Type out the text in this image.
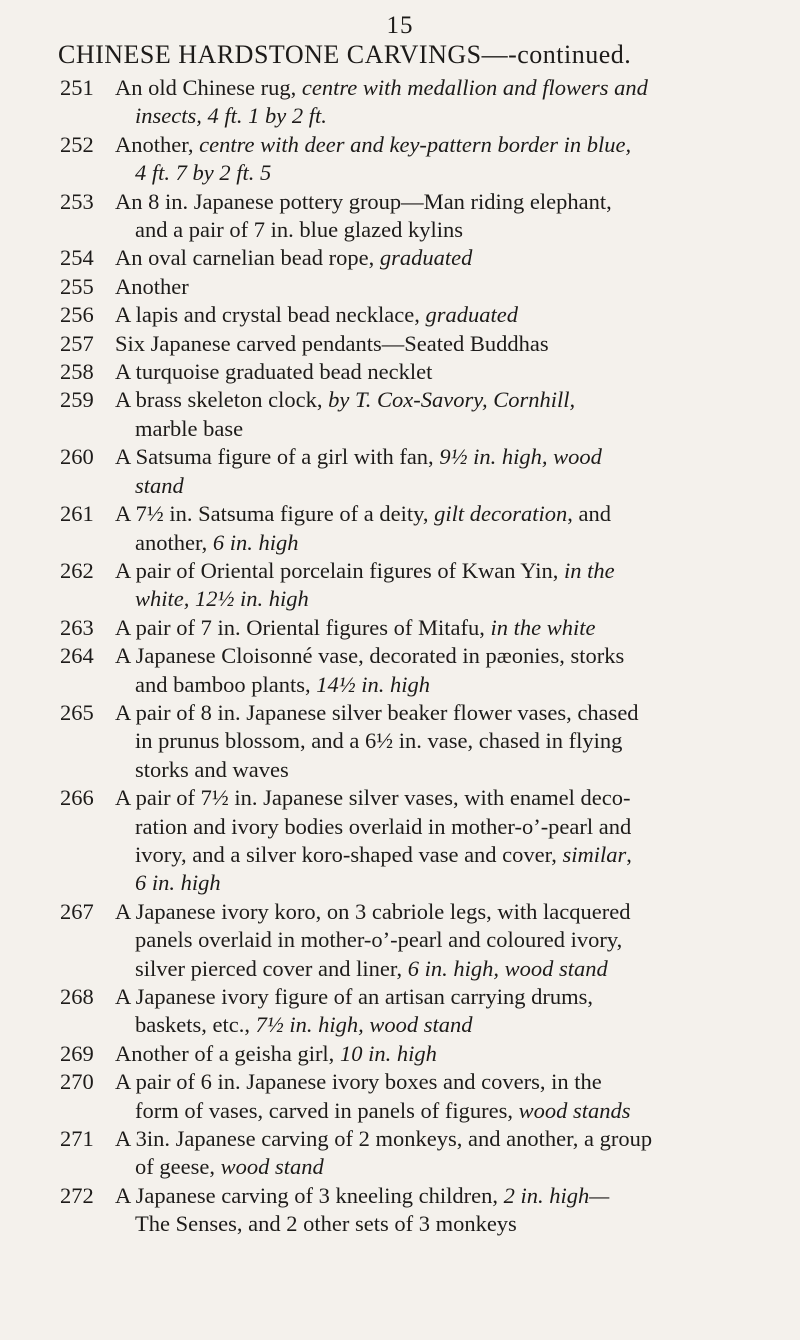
15
CHINESE HARDSTONE CARVINGS—-continued.
251 An old Chinese rug, centre with medallion and flowers and
insects, 4 ft. 1 by 2 ft.
252 Another, centre with deer and key-pattern border in blue,
4 ft. 7 by 2 ft. 5
253 An 8 in. Japanese pottery group—Man riding elephant,
and a pair of 7 in. blue glazed kylins
254 An oval carnelian bead rope, graduated
255 Another
256 A lapis and crystal bead necklace, graduated
257 Six Japanese carved pendants—Seated Buddhas
258 A turquoise graduated bead necklet
259 A brass skeleton clock, by T. Cox-Savory, Cornhill,
marble base
260 A Satsuma figure of a girl with fan, 9½ in. high, wood
stand
261 A 7½ in. Satsuma figure of a deity, gilt decoration, and
another, 6 in. high
262 A pair of Oriental porcelain figures of Kwan Yin, in the
white, 12½ in. high
263 A pair of 7 in. Oriental figures of Mitafu, in the white
264 A Japanese Cloisonné vase, decorated in pæonies, storks
and bamboo plants, 14½ in. high
265 A pair of 8 in. Japanese silver beaker flower vases, chased
in prunus blossom, and a 6½ in. vase, chased in flying
storks and waves
266 A pair of 7½ in. Japanese silver vases, with enamel deco-
ration and ivory bodies overlaid in mother-o’-pearl and
ivory, and a silver koro-shaped vase and cover, similar,
6 in. high
267 A Japanese ivory koro, on 3 cabriole legs, with lacquered
panels overlaid in mother-o’-pearl and coloured ivory,
silver pierced cover and liner, 6 in. high, wood stand
268 A Japanese ivory figure of an artisan carrying drums,
baskets, etc., 7½ in. high, wood stand
269 Another of a geisha girl, 10 in. high
270 A pair of 6 in. Japanese ivory boxes and covers, in the
form of vases, carved in panels of figures, wood stands
271 A 3in. Japanese carving of 2 monkeys, and another, a group
of geese, wood stand
272 A Japanese carving of 3 kneeling children, 2 in. high—
The Senses, and 2 other sets of 3 monkeys
